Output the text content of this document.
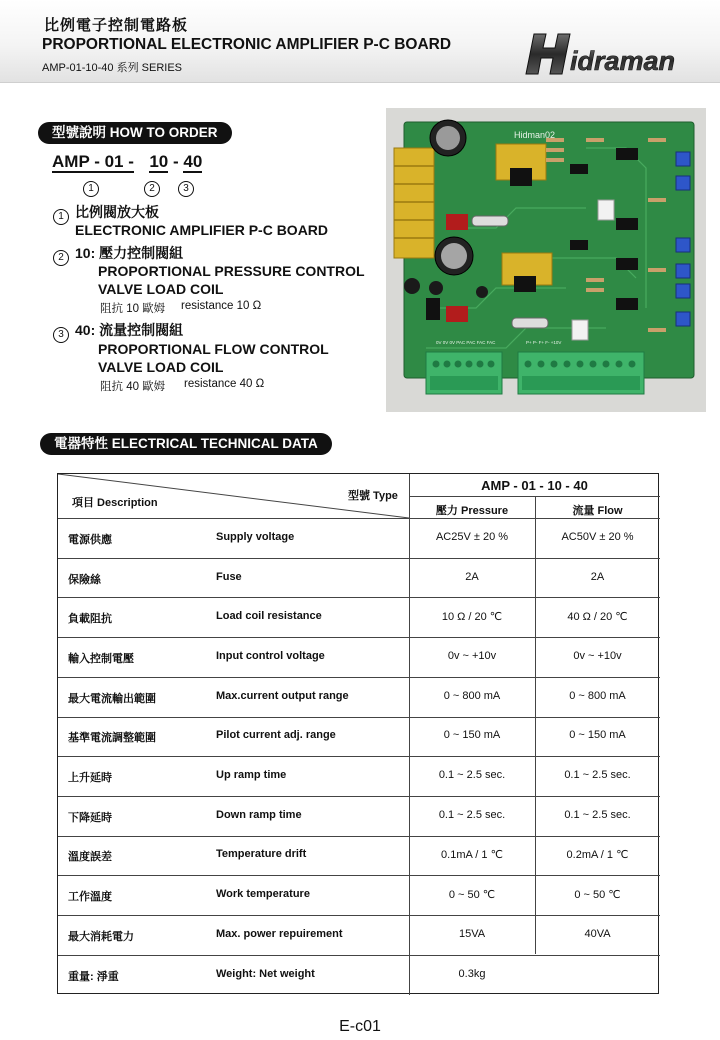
比例電子控制電路板
PROPORTIONAL ELECTRONIC AMPLIFIER P-C BOARD
AMP-01-10-40 系列 SERIES	idraman
型號說明 HOW TO ORDER
AMP - 01 - 10 - 40
1	2	3
1 比例閥放大板
ELECTRONIC AMPLIFIER P-C BOARD
2 10: 壓力控制閥組
PROPORTIONAL PRESSURE CONTROL
VALVE LOAD COIL
阻抗 10 歐姆 resistance 10 Ω
3 40: 流量控制閥組
PROPORTIONAL FLOW CONTROL
VALVE LOAD COIL
阻抗 40 歐姆 resistance 40 Ω
Hidman02
0V 0V 0V PAC PAC FAC FAC	P+ P- F+ F- +10V
電器特性 ELECTRICAL TECHNICAL DATA
項目 Description
型號 Type
AMP - 01 - 10 - 40
壓力 Pressure	流量 Flow
電源供應	Supply voltage	AC25V ± 20 %	AC50V ± 20 %
保險絲	Fuse	2A	2A
負載阻抗	Load coil resistance	10 Ω / 20 ℃	40 Ω / 20 ℃
輸入控制電壓	Input control voltage	0v ~ +10v	0v ~ +10v
最大電流輸出範圍	Max.current output range	0 ~ 800 mA	0 ~ 800 mA
基準電流調整範圍	Pilot current adj. range	0 ~ 150 mA	0 ~ 150 mA
上升延時	Up ramp time	0.1 ~ 2.5 sec.	0.1 ~ 2.5 sec.
下降延時	Down ramp time	0.1 ~ 2.5 sec.	0.1 ~ 2.5 sec.
溫度誤差	Temperature drift	0.1mA / 1 ℃	0.2mA / 1 ℃
工作溫度	Work temperature	0 ~ 50 ℃	0 ~ 50 ℃
最大消耗電力	Max. power repuirement	15VA	40VA
重量: 淨重	Weight: Net weight	0.3kg
E-c01
